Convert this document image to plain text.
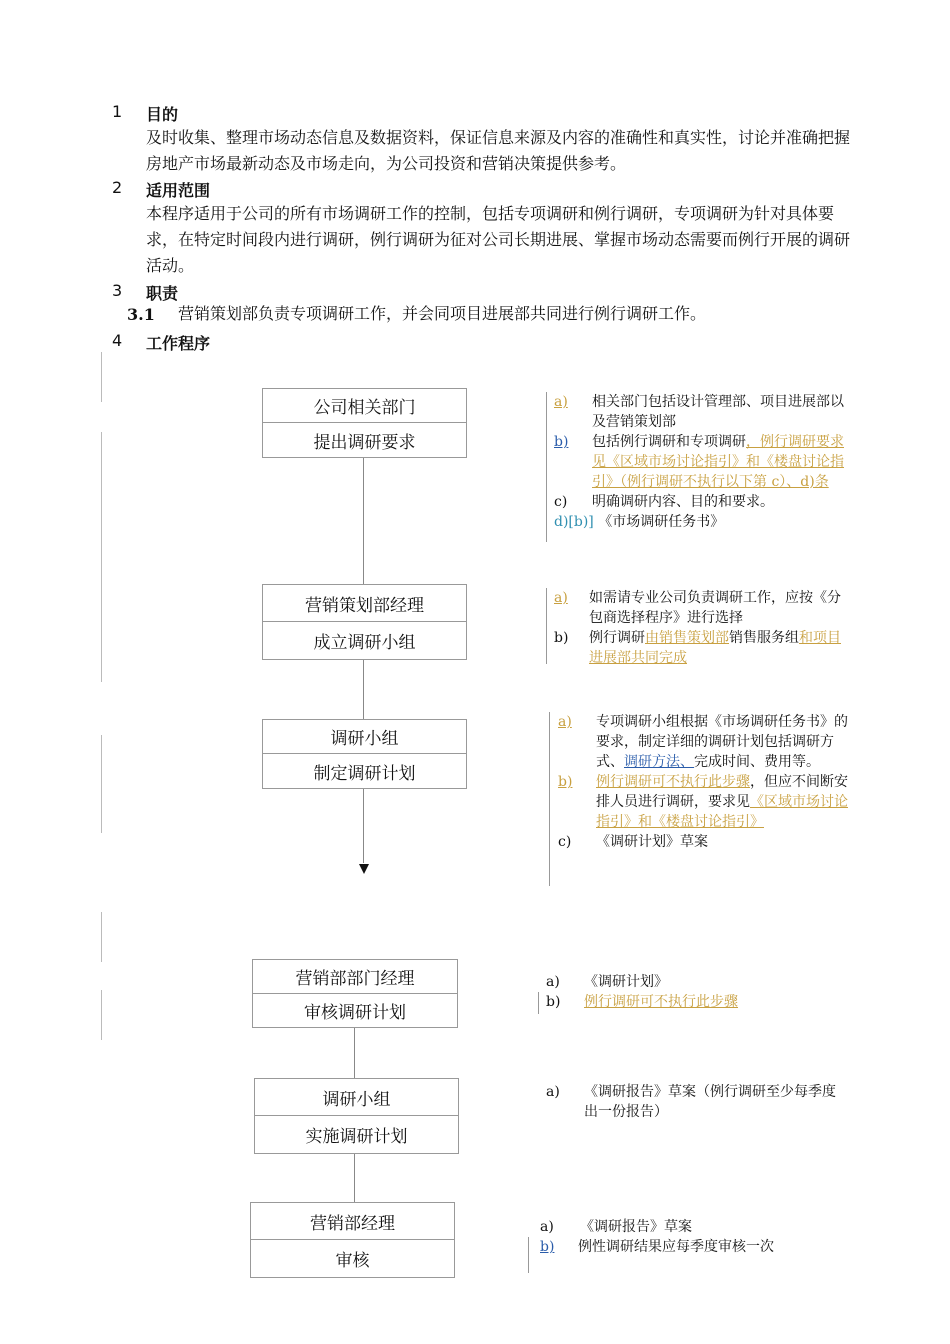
1 目的
及时收集、整理市场动态信息及数据资料，保证信息来源及内容的准确性和真实性，讨论并准确把握房地产市场最新动态及市场走向，为公司投资和营销决策提供参考。
2 适用范围
本程序适用于公司的所有市场调研工作的控制，包括专项调研和例行调研，专项调研为针对具体要求，在特定时间段内进行调研，例行调研为征对公司长期进展、掌握市场动态需要而例行开展的调研活动。
3 职责
3.1 营销策划部负责专项调研工作，并会同项目进展部共同进行例行调研工作。
4 工作程序
公司相关部门
提出调研要求
营销策划部经理
成立调研小组
调研小组
制定调研计划
营销部部门经理
审核调研计划
调研小组
实施调研计划
营销部经理
审核
a) 相关部门包括设计管理部、项目进展部以及营销策划部
b) 包括例行调研和专项调研，例行调研要求见《区域市场讨论指引》和《楼盘讨论指引》（例行调研不执行以下第 c）、d)条
c) 明确调研内容、目的和要求。
d)[b)] 《市场调研任务书》
a) 如需请专业公司负责调研工作，应按《分包商选择程序》进行选择
b) 例行调研由销售策划部销售服务组和项目进展部共同完成
a) 专项调研小组根据《市场调研任务书》的要求，制定详细的调研计划包括调研方式、调研方法、完成时间、费用等。
b) 例行调研可不执行此步骤，但应不间断安排人员进行调研，要求见《区域市场讨论指引》和《楼盘讨论指引》
c) 《调研计划》草案
a) 《调研计划》
b) 例行调研可不执行此步骤
a) 《调研报告》草案（例行调研至少每季度出一份报告）
a) 《调研报告》草案
b) 例性调研结果应每季度审核一次
